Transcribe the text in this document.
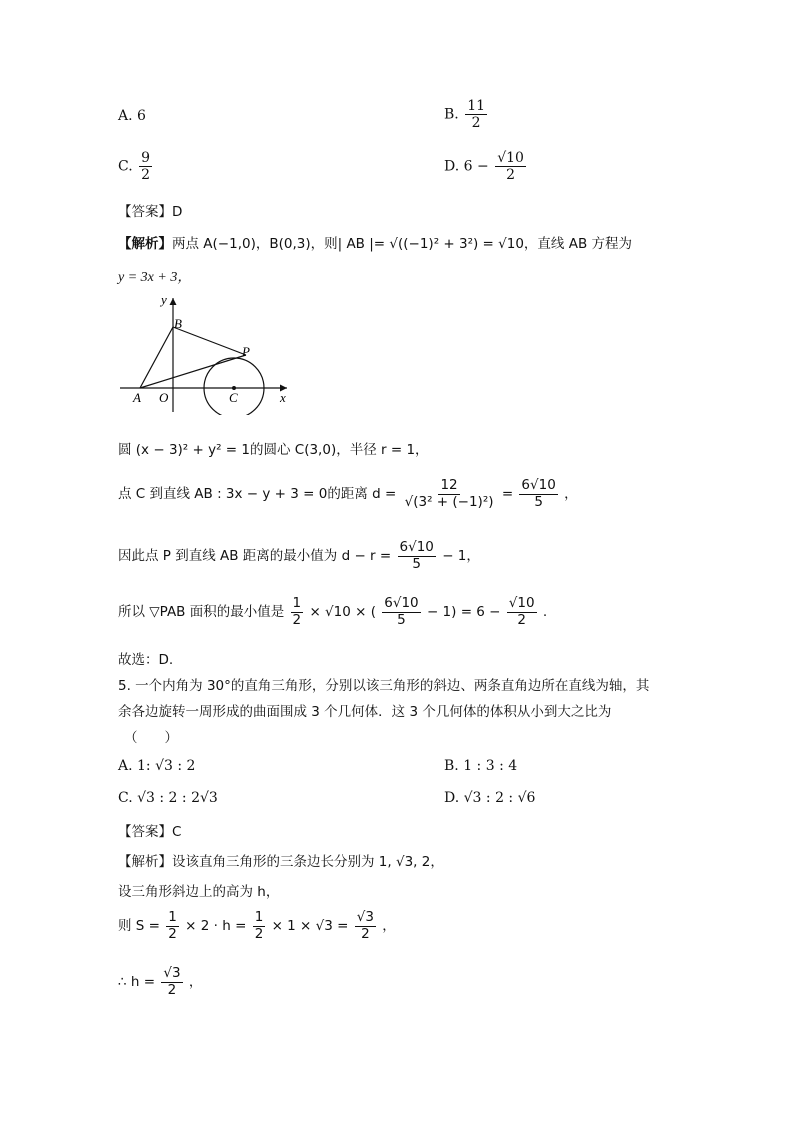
A. 6	B. $\frac{11}{2}$
C. $\frac{9}{2}$	D. $6 - \frac{√10}{2}$
【答案】D
【解析】两点 A(−1,0)，B(0,3)，则| AB |= √((−1)² + 3²) = √10，直线 AB 方程为
y = 3x + 3，
y
x
B
P
A O	C
圆 (x − 3)² + y² = 1的圆心 C(3,0)，半径 r = 1，
点 C 到直线 AB : 3x − y + 3 = 0的距离 $d = \frac{12}{\text{√(3² + (−1)²)}} = \frac{6√10}{5}$ ，
因此点 P 到直线 AB 距离的最小值为 $d - r = \frac{6√10}{5} - 1$，
所以 ▽PAB 面积的最小值是 $\frac{1}{2} \times √10$ × ( $\frac{6√10}{5} - 1) = 6 - \frac{√10}{2}$ .
故选：D.
5. 一个内角为 30°的直角三角形，分别以该三角形的斜边、两条直角边所在直线为轴，其
余各边旋转一周形成的曲面围成 3 个几何体．这 3 个几何体的体积从小到大之比为
（　　）
A. 1: √3 : 2	B. 1 : 3 : 4
C. √3 : 2 : 2√3	D. √3 : 2 : √6
【答案】C
【解析】设该直角三角形的三条边长分别为 1, √3, 2，
设三角形斜边上的高为 h，
则 $S = \frac{1}{2} \times 2 \cdot h = \frac{1}{2} \times 1 \times √3 = \frac{√3}{2}$ ，
∴ $h = \frac{√3}{2}$ ，
